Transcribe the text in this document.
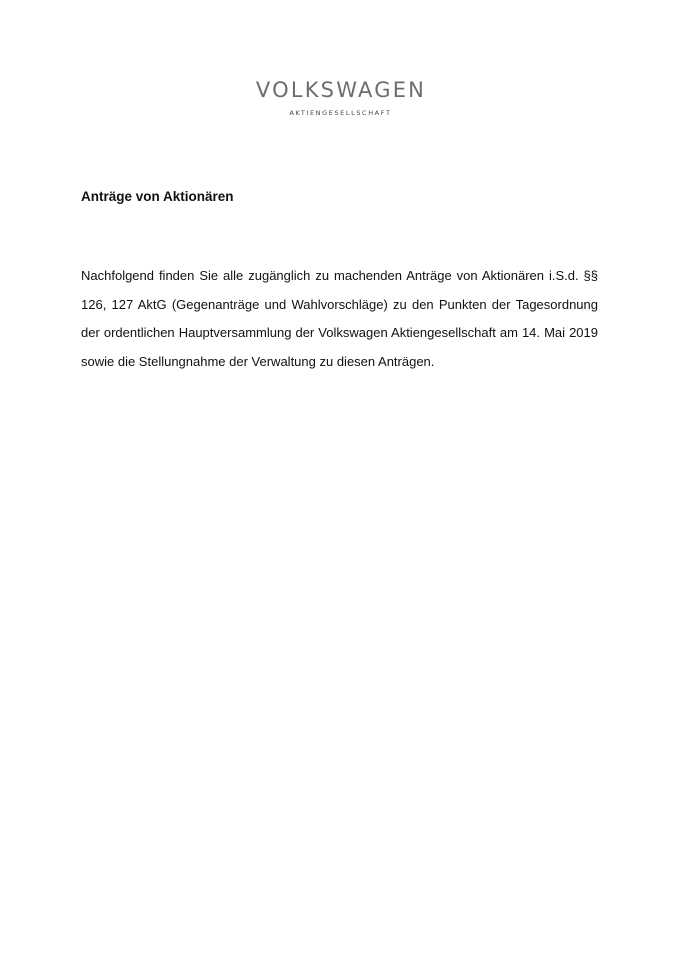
VOLKSWAGEN
AKTIENGESELLSCHAFT
Anträge von Aktionären

Nachfolgend finden Sie alle zugänglich zu machenden Anträge von Aktionären i.S.d. §§ 126, 127 AktG (Gegenanträge und Wahlvorschläge) zu den Punkten der Tagesordnung der ordentlichen Hauptversammlung der Volkswagen Aktiengesellschaft am 14. Mai 2019 sowie die Stellungnahme der Verwaltung zu diesen Anträgen.
